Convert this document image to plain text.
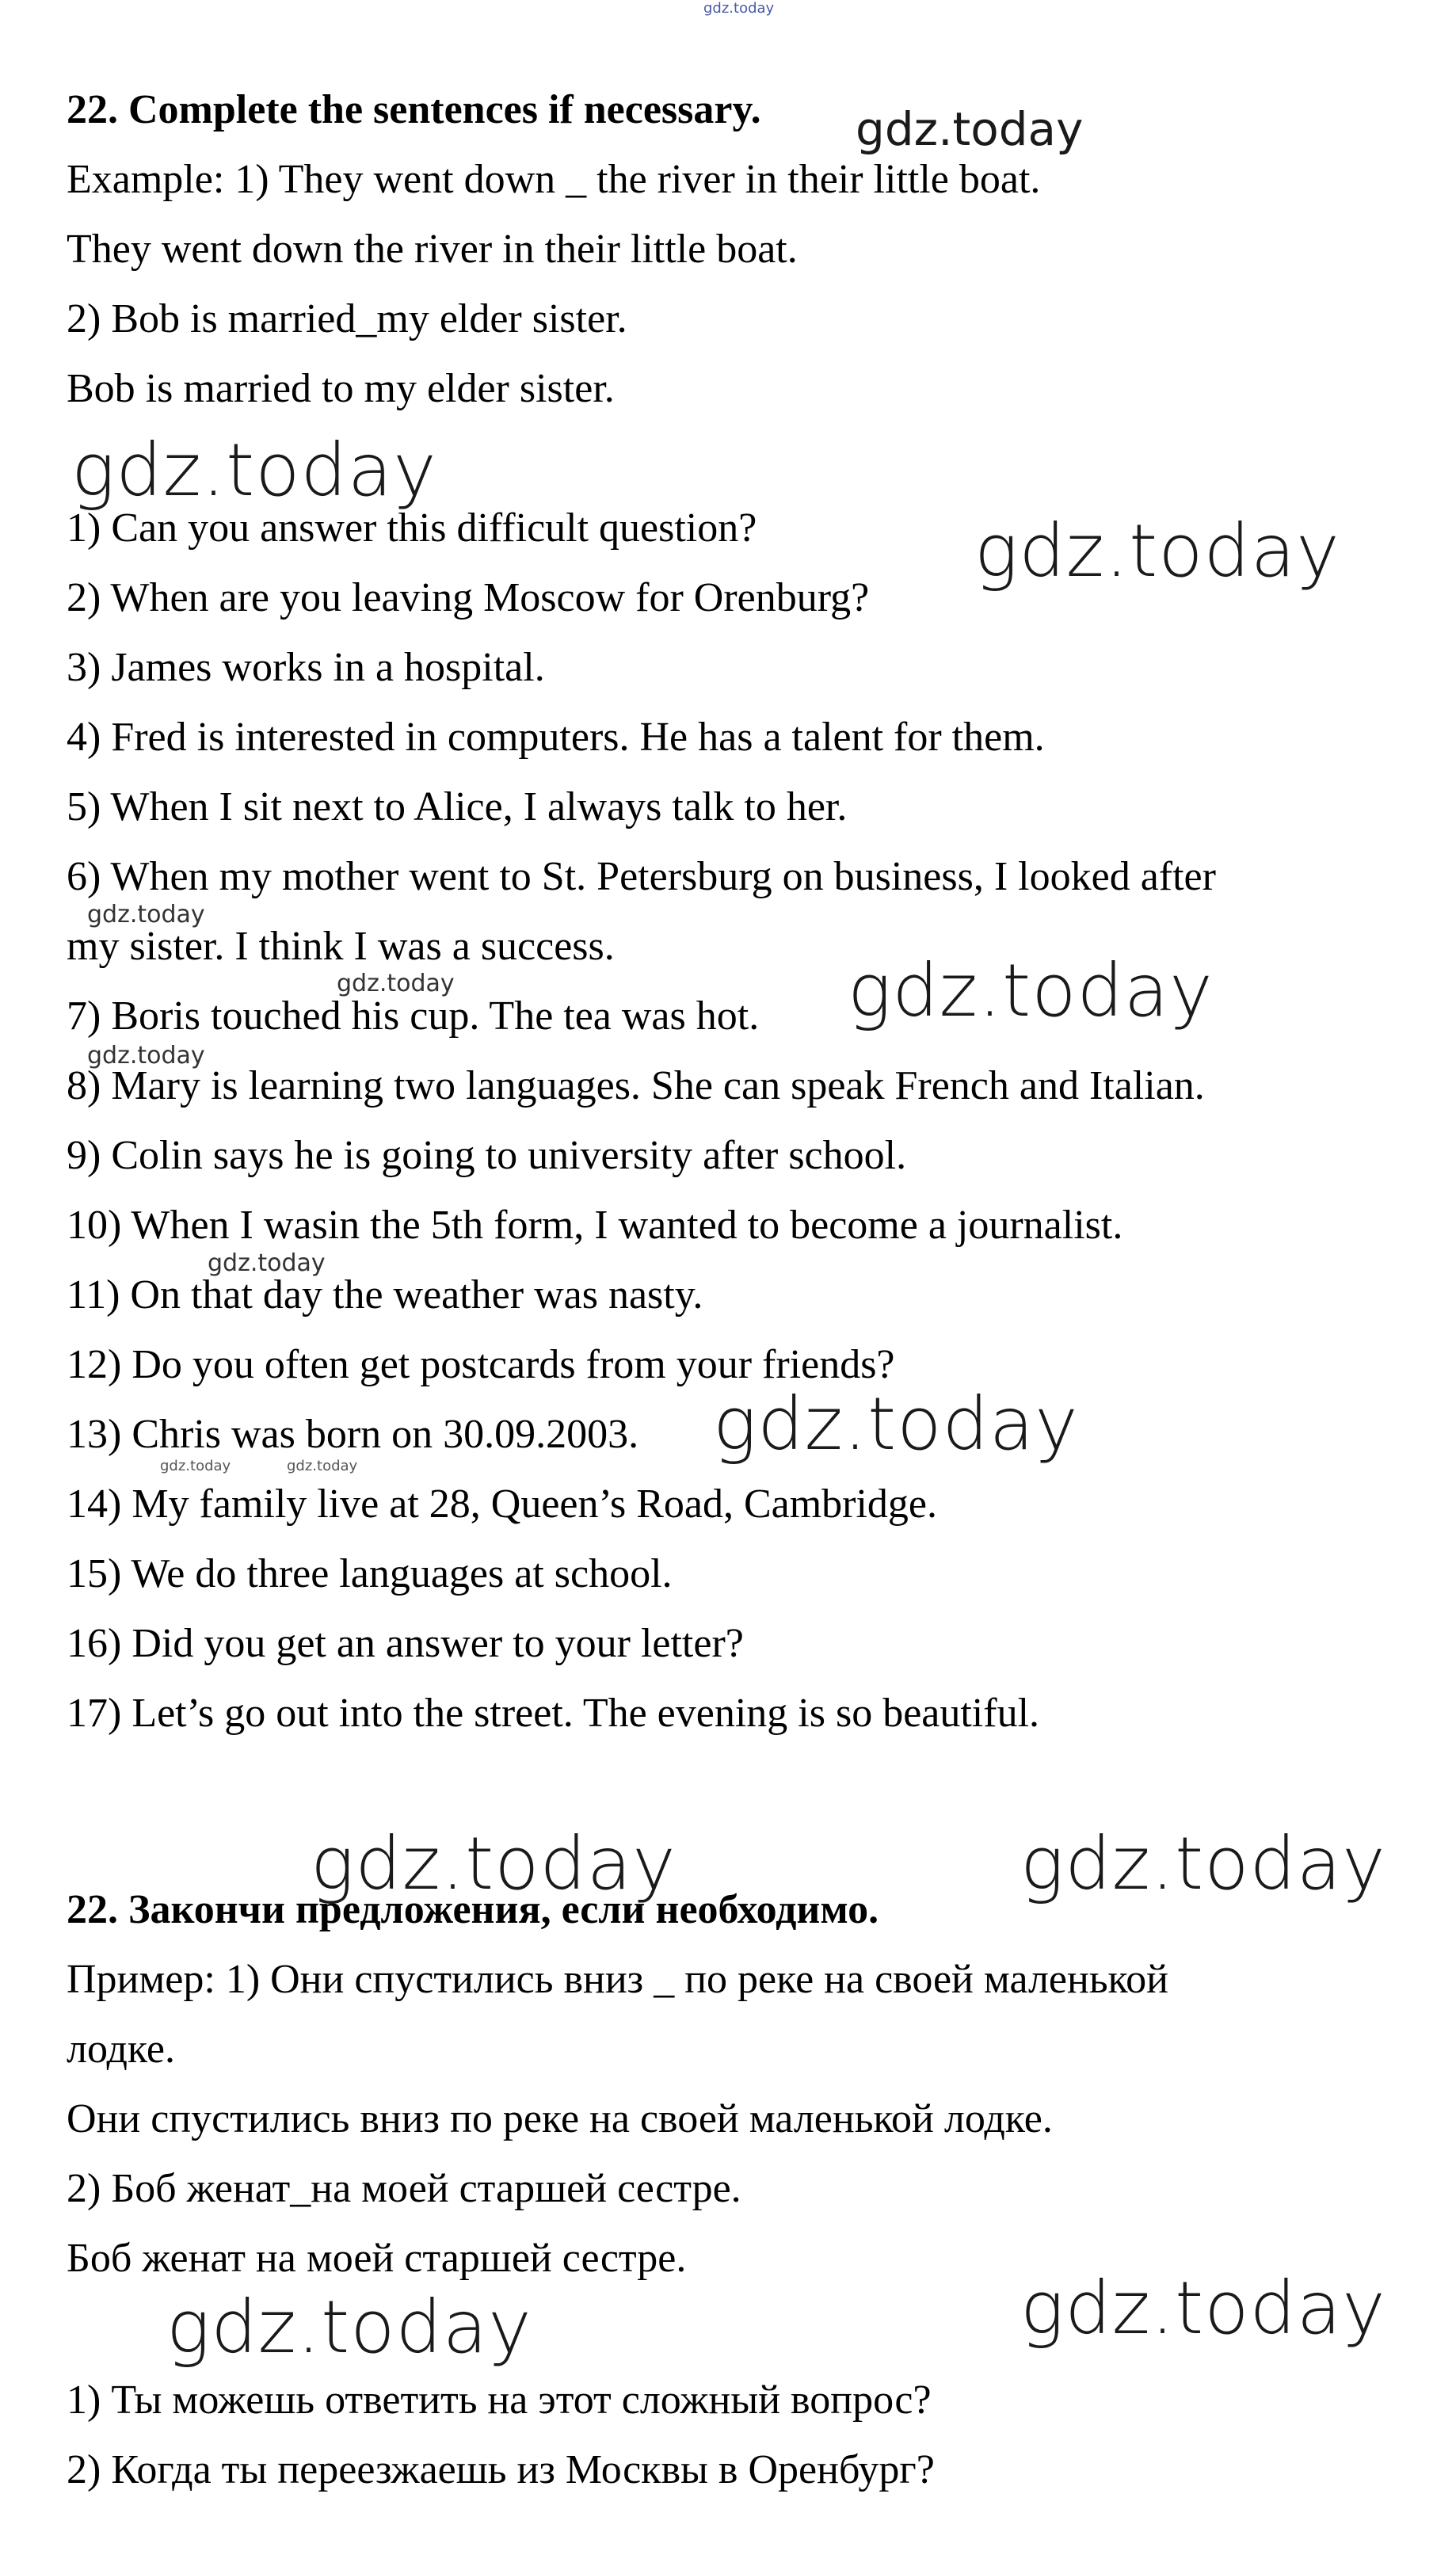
gdz.today
22. Complete the sentences if necessary.
Example: 1) They went down _ the river in their little boat.
They went down the river in their little boat.
2) Bob is married_my elder sister.
Bob is married to my elder sister.
1) Can you answer this difficult question?
2) When are you leaving Moscow for Orenburg?
3) James works in a hospital.
4) Fred is interested in computers. He has a talent for them.
5) When I sit next to Alice, I always talk to her.
6) When my mother went to St. Petersburg on business, I looked after
my sister. I think I was a success.
7) Boris touched his cup. The tea was hot.
8) Mary is learning two languages. She can speak French and Italian.
9) Colin says he is going to university after school.
10) When I wasin the 5th form, I wanted to become a journalist.
11) On that day the weather was nasty.
12) Do you often get postcards from your friends?
13) Chris was born on 30.09.2003.
14) My family live at 28, Queen’s Road, Cambridge.
15) We do three languages at school.
16) Did you get an answer to your letter?
17) Let’s go out into the street. The evening is so beautiful.
22. Закончи предложения, если необходимо.
Пример: 1) Они спустились вниз _ по реке на своей маленькой
лодке.
Они спустились вниз по реке на своей маленькой лодке.
2) Боб женат_на моей старшей сестре.
Боб женат на моей старшей сестре.
1) Ты можешь ответить на этот сложный вопрос?
2) Когда ты переезжаешь из Москвы в Оренбург?
gdz.today
gdz.today
gdz.today
gdz.today
gdz.today	gdz.today
gdz.today
gdz.today
gdz.today
gdz.today	gdz.today
gdz.today	gdz.today
gdz.today
gdz.today
